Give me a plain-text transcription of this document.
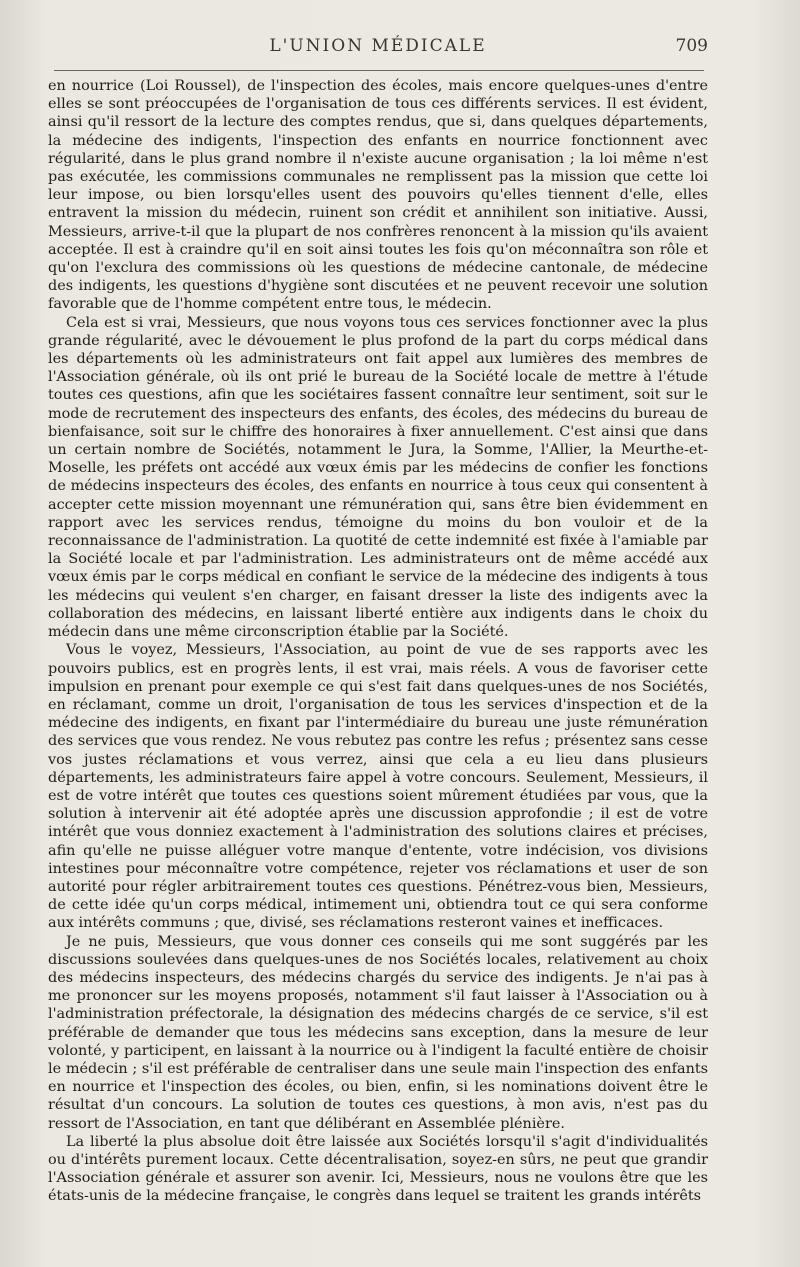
L'UNION MÉDICALE	709

en nourrice (Loi Roussel), de l'inspection des écoles, mais encore quelques-unes d'entre elles se sont préoccupées de l'organisation de tous ces différents services. Il est évident, ainsi qu'il ressort de la lecture des comptes rendus, que si, dans quelques départements, la médecine des indigents, l'inspection des enfants en nourrice fonctionnent avec régularité, dans le plus grand nombre il n'existe aucune organisation ; la loi même n'est pas exécutée, les commissions communales ne remplissent pas la mission que cette loi leur impose, ou bien lorsqu'elles usent des pouvoirs qu'elles tiennent d'elle, elles entravent la mission du médecin, ruinent son crédit et annihilent son initiative. Aussi, Messieurs, arrive-t-il que la plupart de nos confrères renoncent à la mission qu'ils avaient acceptée. Il est à craindre qu'il en soit ainsi toutes les fois qu'on méconnaîtra son rôle et qu'on l'exclura des commissions où les questions de médecine cantonale, de médecine des indigents, les questions d'hygiène sont discutées et ne peuvent recevoir une solution favorable que de l'homme compétent entre tous, le médecin.

Cela est si vrai, Messieurs, que nous voyons tous ces services fonctionner avec la plus grande régularité, avec le dévouement le plus profond de la part du corps médical dans les départements où les administrateurs ont fait appel aux lumières des membres de l'Association générale, où ils ont prié le bureau de la Société locale de mettre à l'étude toutes ces questions, afin que les sociétaires fassent connaître leur sentiment, soit sur le mode de recrutement des inspecteurs des enfants, des écoles, des médecins du bureau de bienfaisance, soit sur le chiffre des honoraires à fixer annuellement. C'est ainsi que dans un certain nombre de Sociétés, notamment le Jura, la Somme, l'Allier, la Meurthe-et-Moselle, les préfets ont accédé aux vœux émis par les médecins de confier les fonctions de médecins inspecteurs des écoles, des enfants en nourrice à tous ceux qui consentent à accepter cette mission moyennant une rémunération qui, sans être bien évidemment en rapport avec les services rendus, témoigne du moins du bon vouloir et de la reconnaissance de l'administration. La quotité de cette indemnité est fixée à l'amiable par la Société locale et par l'administration. Les administrateurs ont de même accédé aux vœux émis par le corps médical en confiant le service de la médecine des indigents à tous les médecins qui veulent s'en charger, en faisant dresser la liste des indigents avec la collaboration des médecins, en laissant liberté entière aux indigents dans le choix du médecin dans une même circonscription établie par la Société.

Vous le voyez, Messieurs, l'Association, au point de vue de ses rapports avec les pouvoirs publics, est en progrès lents, il est vrai, mais réels. A vous de favoriser cette impulsion en prenant pour exemple ce qui s'est fait dans quelques-unes de nos Sociétés, en réclamant, comme un droit, l'organisation de tous les services d'inspection et de la médecine des indigents, en fixant par l'intermédiaire du bureau une juste rémunération des services que vous rendez. Ne vous rebutez pas contre les refus ; présentez sans cesse vos justes réclamations et vous verrez, ainsi que cela a eu lieu dans plusieurs départements, les administrateurs faire appel à votre concours. Seulement, Messieurs, il est de votre intérêt que toutes ces questions soient mûrement étudiées par vous, que la solution à intervenir ait été adoptée après une discussion approfondie ; il est de votre intérêt que vous donniez exactement à l'administration des solutions claires et précises, afin qu'elle ne puisse alléguer votre manque d'entente, votre indécision, vos divisions intestines pour méconnaître votre compétence, rejeter vos réclamations et user de son autorité pour régler arbitrairement toutes ces questions. Pénétrez-vous bien, Messieurs, de cette idée qu'un corps médical, intimement uni, obtiendra tout ce qui sera conforme aux intérêts communs ; que, divisé, ses réclamations resteront vaines et inefficaces.

Je ne puis, Messieurs, que vous donner ces conseils qui me sont suggérés par les discussions soulevées dans quelques-unes de nos Sociétés locales, relativement au choix des médecins inspecteurs, des médecins chargés du service des indigents. Je n'ai pas à me prononcer sur les moyens proposés, notamment s'il faut laisser à l'Association ou à l'administration préfectorale, la désignation des médecins chargés de ce service, s'il est préférable de demander que tous les médecins sans exception, dans la mesure de leur volonté, y participent, en laissant à la nourrice ou à l'indigent la faculté entière de choisir le médecin ; s'il est préférable de centraliser dans une seule main l'inspection des enfants en nourrice et l'inspection des écoles, ou bien, enfin, si les nominations doivent être le résultat d'un concours. La solution de toutes ces questions, à mon avis, n'est pas du ressort de l'Association, en tant que délibérant en Assemblée plénière.

La liberté la plus absolue doit être laissée aux Sociétés lorsqu'il s'agit d'individualités ou d'intérêts purement locaux. Cette décentralisation, soyez-en sûrs, ne peut que grandir l'Association générale et assurer son avenir. Ici, Messieurs, nous ne voulons être que les états-unis de la médecine française, le congrès dans lequel se traitent les grands intérêts
